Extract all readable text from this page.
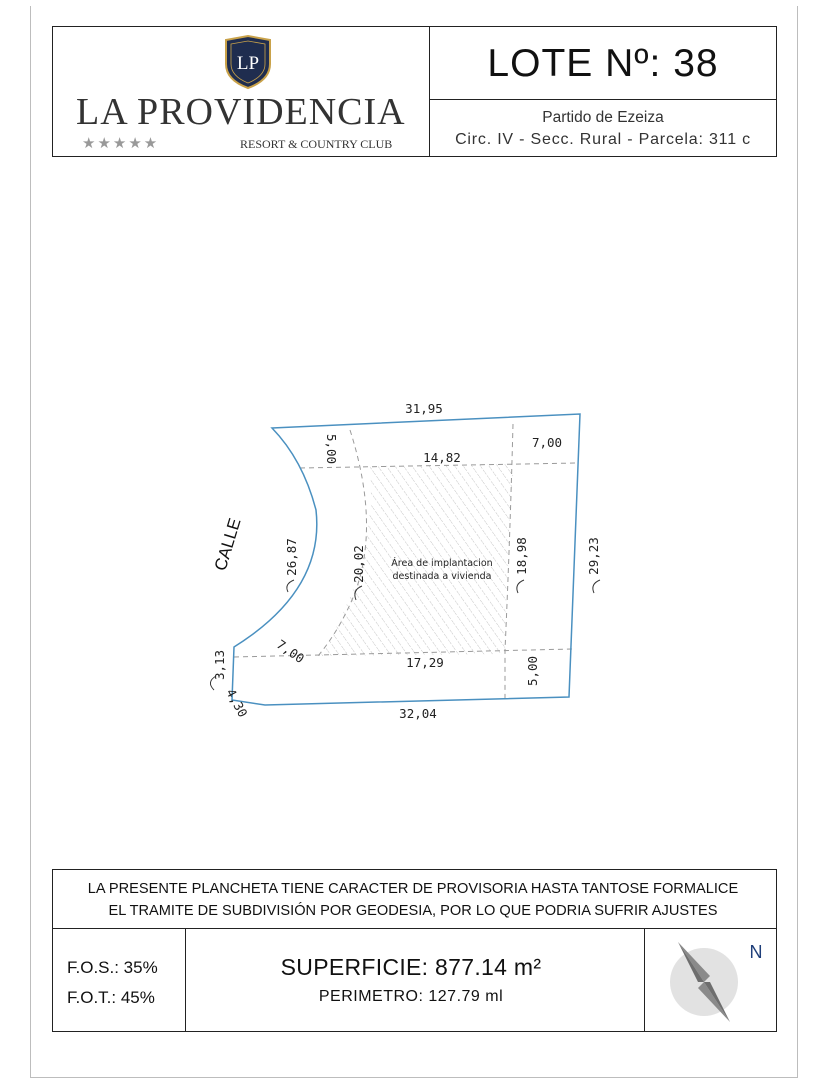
LP
LA PROVIDENCIA
★★★★★	RESORT & COUNTRY CLUB
LOTE Nº: 38
Partido de Ezeiza
Circ. IV - Secc. Rural - Parcela: 311 c
CALLE	Área de implantacion
destinada a vivienda
31,95
32,04
5,00	14,82
7,00
26,87	20,02	18,98	29,23
3,13
4,30
7,00	17,29	5,00
LA PRESENTE PLANCHETA TIENE CARACTER DE PROVISORIA HASTA TANTOSE FORMALICE
EL TRAMITE DE SUBDIVISIÓN POR GEODESIA, POR LO QUE PODRIA SUFRIR AJUSTES
F.O.S.: 35%
F.O.T.: 45%
SUPERFICIE: 877.14 m²
PERIMETRO: 127.79 ml
N
